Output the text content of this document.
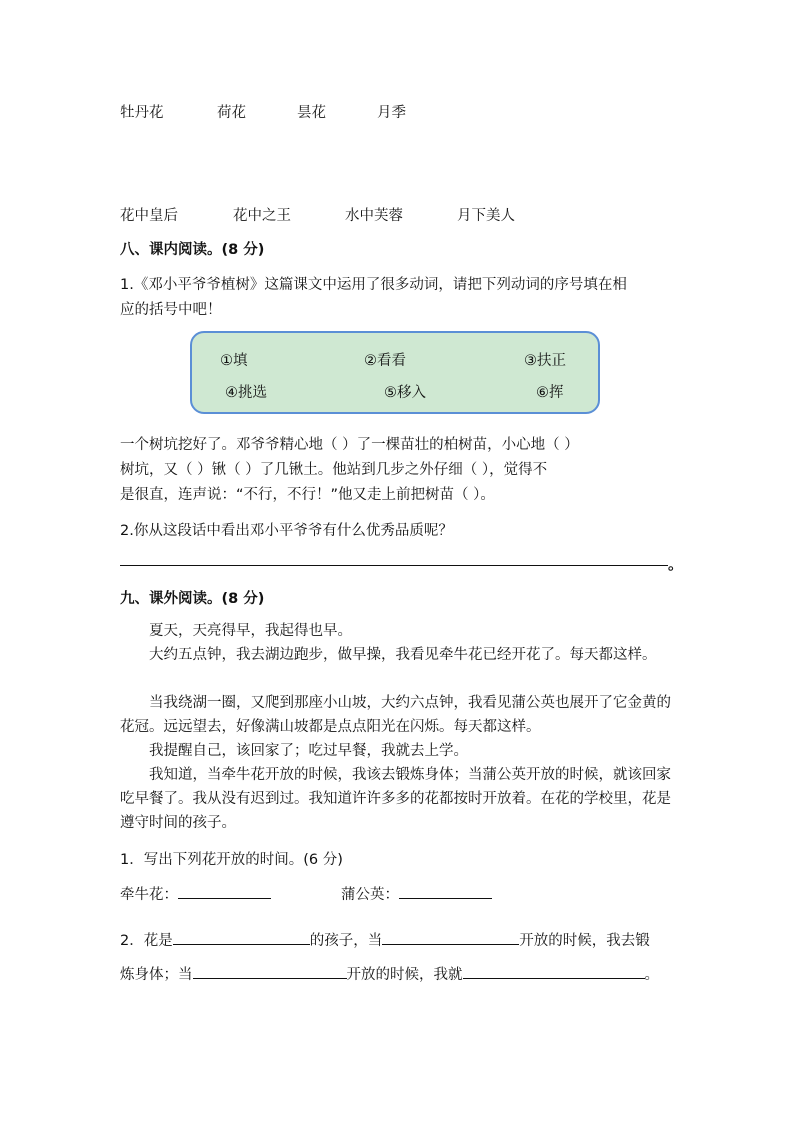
牡丹花	荷花	昙花	月季
花中皇后	花中之王	水中芙蓉	月下美人
八、课内阅读。(8 分)
1.《邓小平爷爷植树》这篇课文中运用了很多动词，请把下列动词的序号填在相
应的括号中吧！
①填	②看看	③扶正
④挑选	⑤移入	⑥挥
一个树坑挖好了。邓爷爷精心地（ ）了一棵苗壮的柏树苗，小心地（ ）
树坑，又（ ）锹（ ）了几锹土。他站到几步之外仔细（ ），觉得不
是很直，连声说：“不行，不行！”他又走上前把树苗（ ）。
2.你从这段话中看出邓小平爷爷有什么优秀品质呢？
。
九、课外阅读。(8 分)
夏天，天亮得早，我起得也早。
大约五点钟，我去湖边跑步，做早操，我看见牵牛花已经开花了。每天都这样。
当我绕湖一圈，又爬到那座小山坡，大约六点钟，我看见蒲公英也展开了它金黄的花冠。远远望去，好像满山坡都是点点阳光在闪烁。每天都这样。
我提醒自己，该回家了；吃过早餐，我就去上学。
我知道，当牵牛花开放的时候，我该去锻炼身体；当蒲公英开放的时候，就该回家吃早餐了。我从没有迟到过。我知道许许多多的花都按时开放着。在花的学校里，花是遵守时间的孩子。
1．写出下列花开放的时间。(6 分)
牵牛花：	蒲公英：
2．花是	的孩子，当	开放的时候，我去锻
炼身体；当	开放的时候，我就	。
